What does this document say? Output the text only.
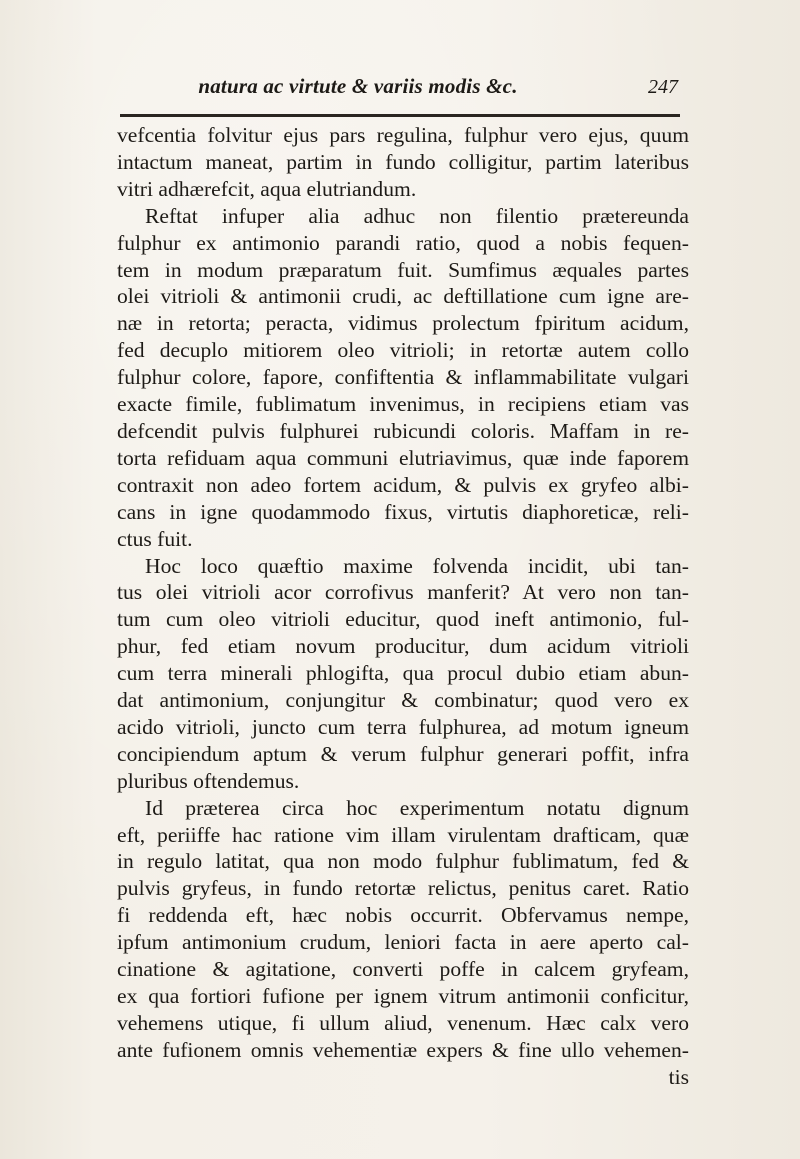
natura ac virtute & variis modis &c.	247

vefcentia folvitur ejus pars regulina, fulphur vero ejus, quum

intactum maneat, partim in fundo colligitur, partim lateribus

vitri adhærefcit, aqua elutriandum.

Reftat infuper alia adhuc non filentio prætereunda

fulphur ex antimonio parandi ratio, quod a nobis fequen-

tem in modum præparatum fuit. Sumfimus æquales partes

olei vitrioli & antimonii crudi, ac deftillatione cum igne are-

næ in retorta; peracta, vidimus prolectum fpiritum acidum,

fed decuplo mitiorem oleo vitrioli; in retortæ autem collo

fulphur colore, fapore, confiftentia & inflammabilitate vulgari

exacte fimile, fublimatum invenimus, in recipiens etiam vas

defcendit pulvis fulphurei rubicundi coloris. Maffam in re-

torta refiduam aqua communi elutriavimus, quæ inde faporem

contraxit non adeo fortem acidum, & pulvis ex gryfeo albi-

cans in igne quodammodo fixus, virtutis diaphoreticæ, reli-

ctus fuit.

Hoc loco quæftio maxime folvenda incidit, ubi tan-

tus olei vitrioli acor corrofivus manferit? At vero non tan-

tum cum oleo vitrioli educitur, quod ineft antimonio, ful-

phur, fed etiam novum producitur, dum acidum vitrioli

cum terra minerali phlogifta, qua procul dubio etiam abun-

dat antimonium, conjungitur & combinatur; quod vero ex

acido vitrioli, juncto cum terra fulphurea, ad motum igneum

concipiendum aptum & verum fulphur generari poffit, infra

pluribus oftendemus.

Id præterea circa hoc experimentum notatu dignum

eft, periiffe hac ratione vim illam virulentam drafticam, quæ

in regulo latitat, qua non modo fulphur fublimatum, fed &

pulvis gryfeus, in fundo retortæ relictus, penitus caret. Ratio

fi reddenda eft, hæc nobis occurrit. Obfervamus nempe,

ipfum antimonium crudum, leniori facta in aere aperto cal-

cinatione & agitatione, converti poffe in calcem gryfeam,

ex qua fortiori fufione per ignem vitrum antimonii conficitur,

vehemens utique, fi ullum aliud, venenum. Hæc calx vero

ante fufionem omnis vehementiæ expers & fine ullo vehemen-

tis
